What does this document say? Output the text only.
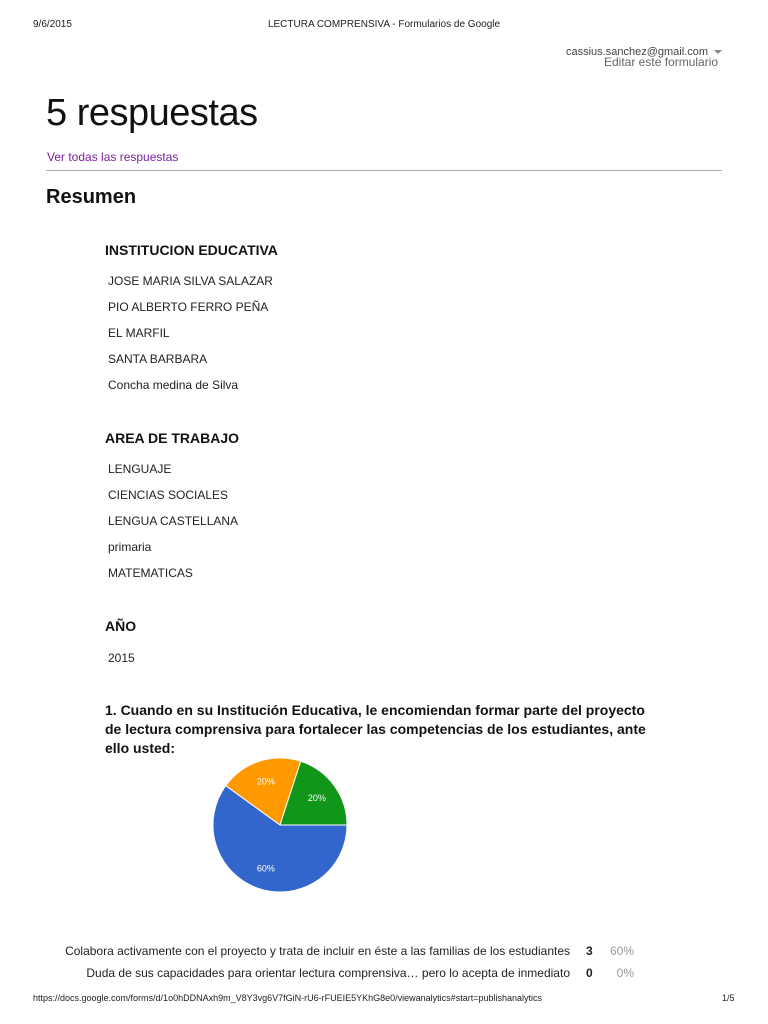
9/6/2015	LECTURA COMPRENSIVA - Formularios de Google
cassius.sanchez@gmail.com
Editar este formulario
5 respuestas
Ver todas las respuestas
Resumen
INSTITUCION EDUCATIVA
JOSE MARIA SILVA SALAZAR
PIO ALBERTO FERRO PEÑA
EL MARFIL
SANTA BARBARA
Concha medina de Silva
AREA DE TRABAJO
LENGUAJE
CIENCIAS SOCIALES
LENGUA CASTELLANA
primaria
MATEMATICAS
AÑO
2015
1. Cuando en su Institución Educativa, le encomiendan formar parte del proyecto de lectura comprensiva para fortalecer las competencias de los estudiantes, ante ello usted:
60%
20%
20%
Colabora activamente con el proyecto y trata de incluir en éste a las familias de los estudiantes 3	60%
Duda de sus capacidades para orientar lectura comprensiva… pero lo acepta de inmediato 0	0%
https://docs.google.com/forms/d/1o0hDDNAxh9m_V8Y3vg6V7fGiN-rU6-rFUEIE5YKhG8e0/viewanalytics#start=publishanalytics	1/5
